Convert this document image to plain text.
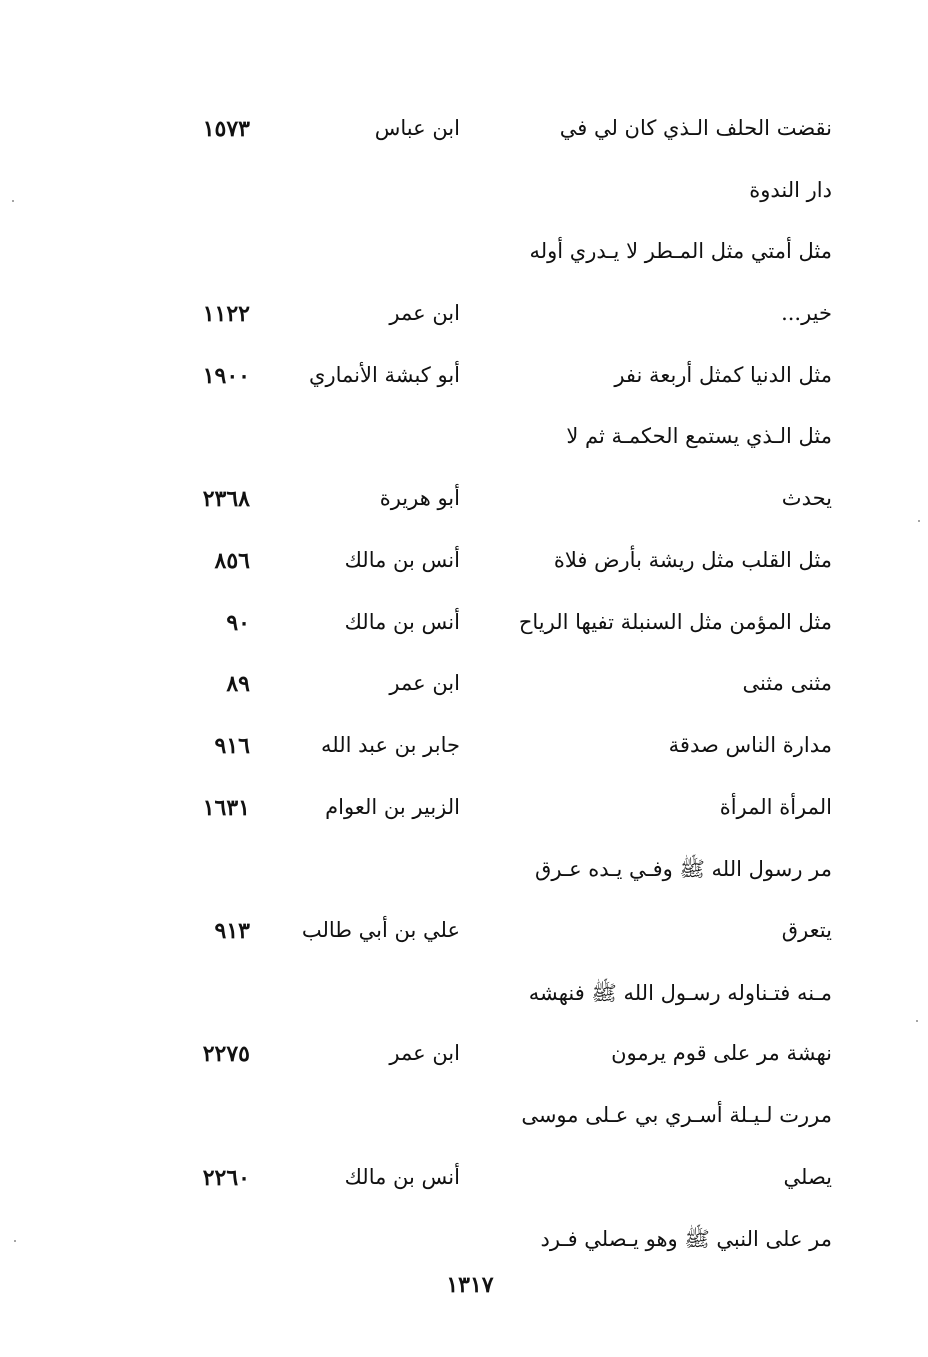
نقضت الحلف الـذي كان لي في
ابن عباس
١٥٧٣
دار الندوة
مثل أمتي مثل المـطر لا يـدري أوله
خير...
ابن عمر
١١٢٢
مثل الدنيا كمثل أربعة نفر
أبو كبشة الأنماري
١٩٠٠
مثل الـذي يستمع الحكمـة ثم لا
يحدث
أبو هريرة
٢٣٦٨
مثل القلب مثل ريشة بأرض فلاة
أنس بن مالك
٨٥٦
مثل المؤمن مثل السنبلة تفيها الرياح
أنس بن مالك
٩٠
مثنى مثنى
ابن عمر
٨٩
مدارة الناس صدقة
جابر بن عبد الله
٩١٦
المرأة المرأة
الزبير بن العوام
١٦٣١
مر رسول الله ﷺ وفـي يـده عـرق
يتعرق
علي بن أبي طالب
٩١٣
مـنه فتـناوله رسـول الله ﷺ فنهشه
نهشة مر على قوم يرمون
ابن عمر
٢٢٧٥
مررت لـيـلة أسـري بي عـلى موسى
يصلي
أنس بن مالك
٢٢٦٠
مر على النبي ﷺ وهو يـصلي فـرد
١٣١٧
